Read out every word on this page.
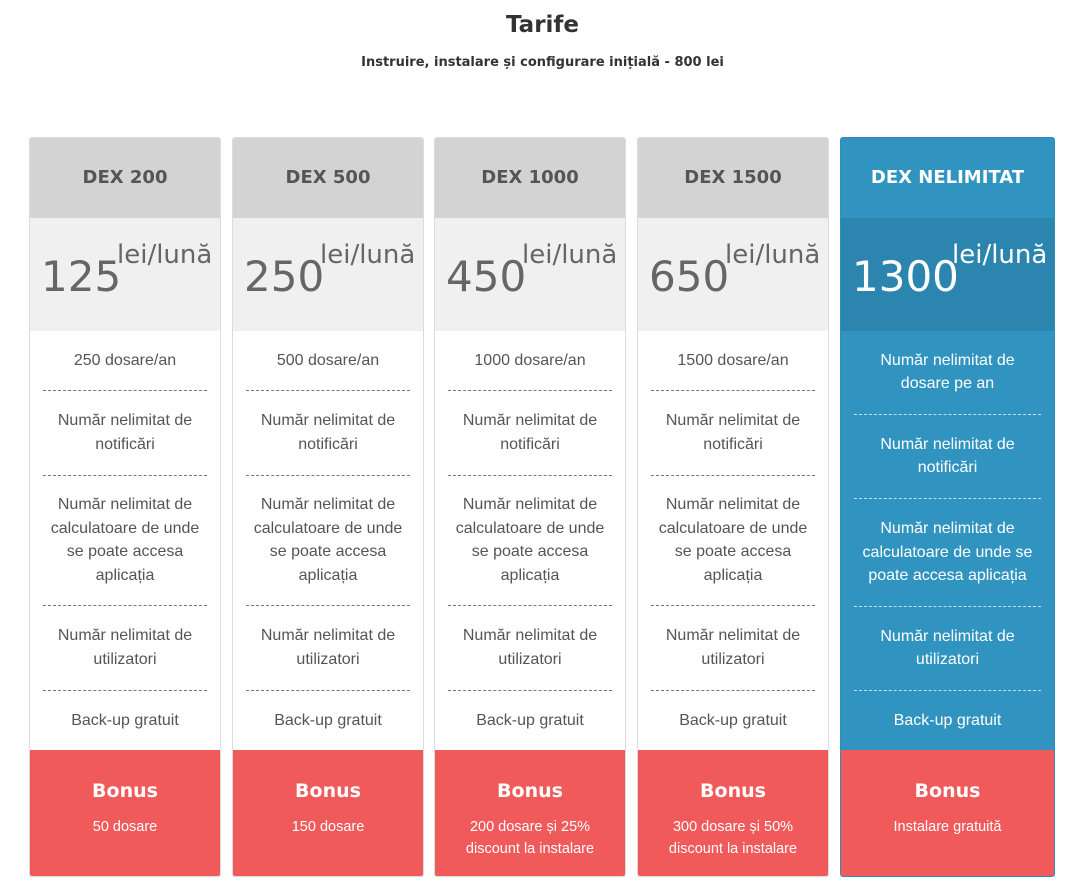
Tarife
Instruire, instalare și configurare inițială - 800 lei
DEX 200
125
lei/lună
250 dosare/an
Număr nelimitat de notificări
Număr nelimitat de calculatoare de unde se poate accesa aplicația
Număr nelimitat de utilizatori
Back-up gratuit
Bonus
50 dosare
DEX 500
250
lei/lună
500 dosare/an
Număr nelimitat de notificări
Număr nelimitat de calculatoare de unde se poate accesa aplicația
Număr nelimitat de utilizatori
Back-up gratuit
Bonus
150 dosare
DEX 1000
450
lei/lună
1000 dosare/an
Număr nelimitat de notificări
Număr nelimitat de calculatoare de unde se poate accesa aplicația
Număr nelimitat de utilizatori
Back-up gratuit
Bonus
200 dosare și 25% discount la instalare
DEX 1500
650
lei/lună
1500 dosare/an
Număr nelimitat de notificări
Număr nelimitat de calculatoare de unde se poate accesa aplicația
Număr nelimitat de utilizatori
Back-up gratuit
Bonus
300 dosare și 50% discount la instalare
DEX NELIMITAT
1300
lei/lună
Număr nelimitat de dosare pe an
Număr nelimitat de notificări
Număr nelimitat de calculatoare de unde se poate accesa aplicația
Număr nelimitat de utilizatori
Back-up gratuit
Bonus
Instalare gratuită
